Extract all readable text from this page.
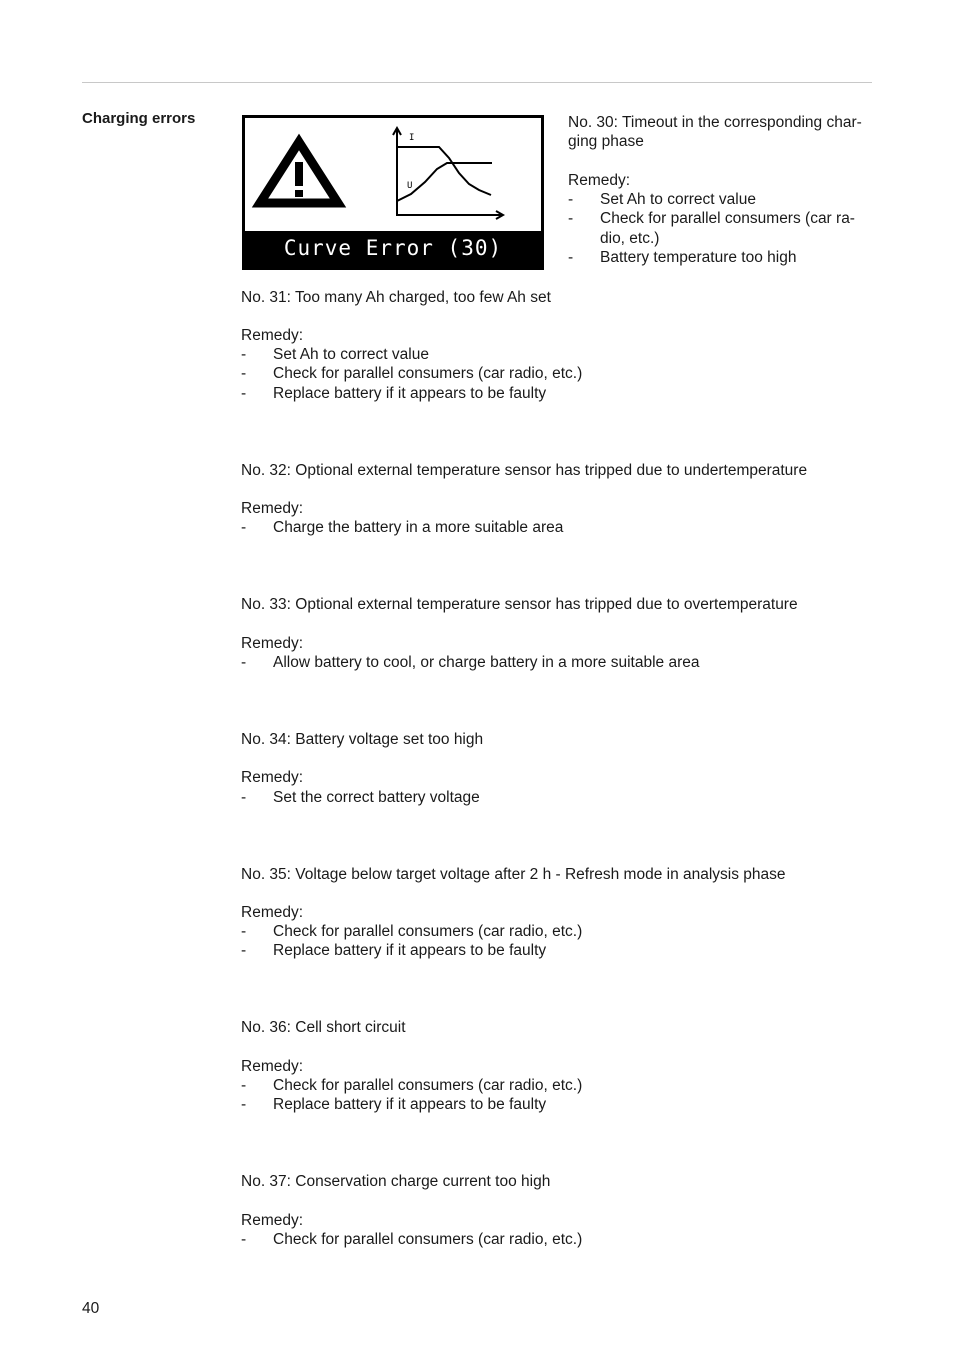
Charging errors
I
U
Curve Error (30)

No. 30: Timeout in the corresponding char-
ging phase

Remedy:

- Set Ah to correct value
- Check for parallel consumers (car ra-
dio, etc.)
- Battery temperature too high

No. 31: Too many Ah charged, too few Ah set

Remedy:

- Set Ah to correct value
- Check for parallel consumers (car radio, etc.)
- Replace battery if it appears to be faulty

No. 32: Optional external temperature sensor has tripped due to undertemperature

Remedy:

- Charge the battery in a more suitable area

No. 33: Optional external temperature sensor has tripped due to overtemperature

Remedy:

- Allow battery to cool, or charge battery in a more suitable area

No. 34: Battery voltage set too high

Remedy:

- Set the correct battery voltage

No. 35: Voltage below target voltage after 2 h - Refresh mode in analysis phase

Remedy:

- Check for parallel consumers (car radio, etc.)
- Replace battery if it appears to be faulty

No. 36: Cell short circuit

Remedy:

- Check for parallel consumers (car radio, etc.)
- Replace battery if it appears to be faulty

No. 37: Conservation charge current too high

Remedy:

- Check for parallel consumers (car radio, etc.)
40
